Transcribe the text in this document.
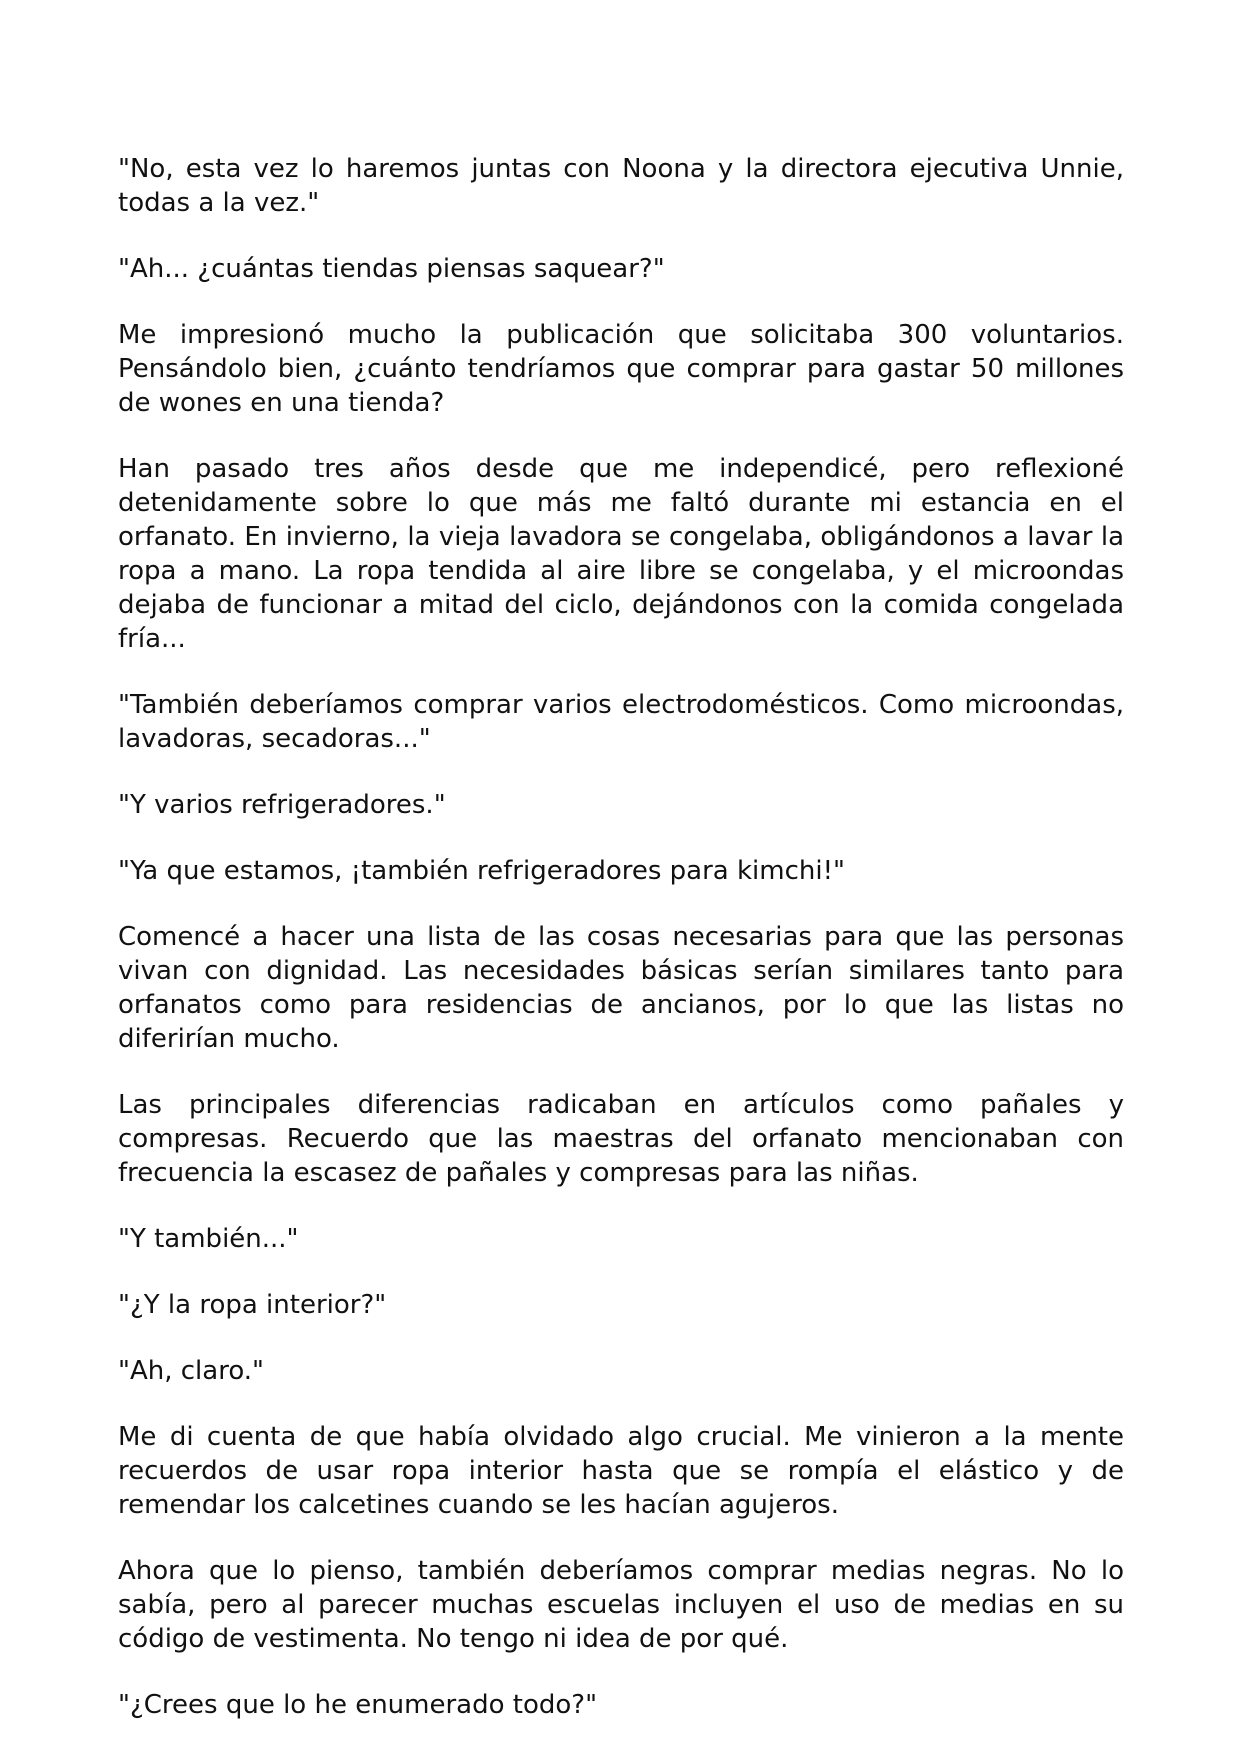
"No, esta vez lo haremos juntas con Noona y la directora ejecutiva Unnie, todas a la vez."

"Ah... ¿cuántas tiendas piensas saquear?"

Me impresionó mucho la publicación que solicitaba 300 voluntarios. Pensándolo bien, ¿cuánto tendríamos que comprar para gastar 50 millones de wones en una tienda?

Han pasado tres años desde que me independicé, pero reflexioné detenidamente sobre lo que más me faltó durante mi estancia en el orfanato. En invierno, la vieja lavadora se congelaba, obligándonos a lavar la ropa a mano. La ropa tendida al aire libre se congelaba, y el microondas dejaba de funcionar a mitad del ciclo, dejándonos con la comida congelada fría...

"También deberíamos comprar varios electrodomésticos. Como microondas, lavadoras, secadoras..."

"Y varios refrigeradores."

"Ya que estamos, ¡también refrigeradores para kimchi!"

Comencé a hacer una lista de las cosas necesarias para que las personas vivan con dignidad. Las necesidades básicas serían similares tanto para orfanatos como para residencias de ancianos, por lo que las listas no diferirían mucho.

Las principales diferencias radicaban en artículos como pañales y compresas. Recuerdo que las maestras del orfanato mencionaban con frecuencia la escasez de pañales y compresas para las niñas.

"Y también..."

"¿Y la ropa interior?"

"Ah, claro."

Me di cuenta de que había olvidado algo crucial. Me vinieron a la mente recuerdos de usar ropa interior hasta que se rompía el elástico y de remendar los calcetines cuando se les hacían agujeros.

Ahora que lo pienso, también deberíamos comprar medias negras. No lo sabía, pero al parecer muchas escuelas incluyen el uso de medias en su código de vestimenta. No tengo ni idea de por qué.

"¿Crees que lo he enumerado todo?"
